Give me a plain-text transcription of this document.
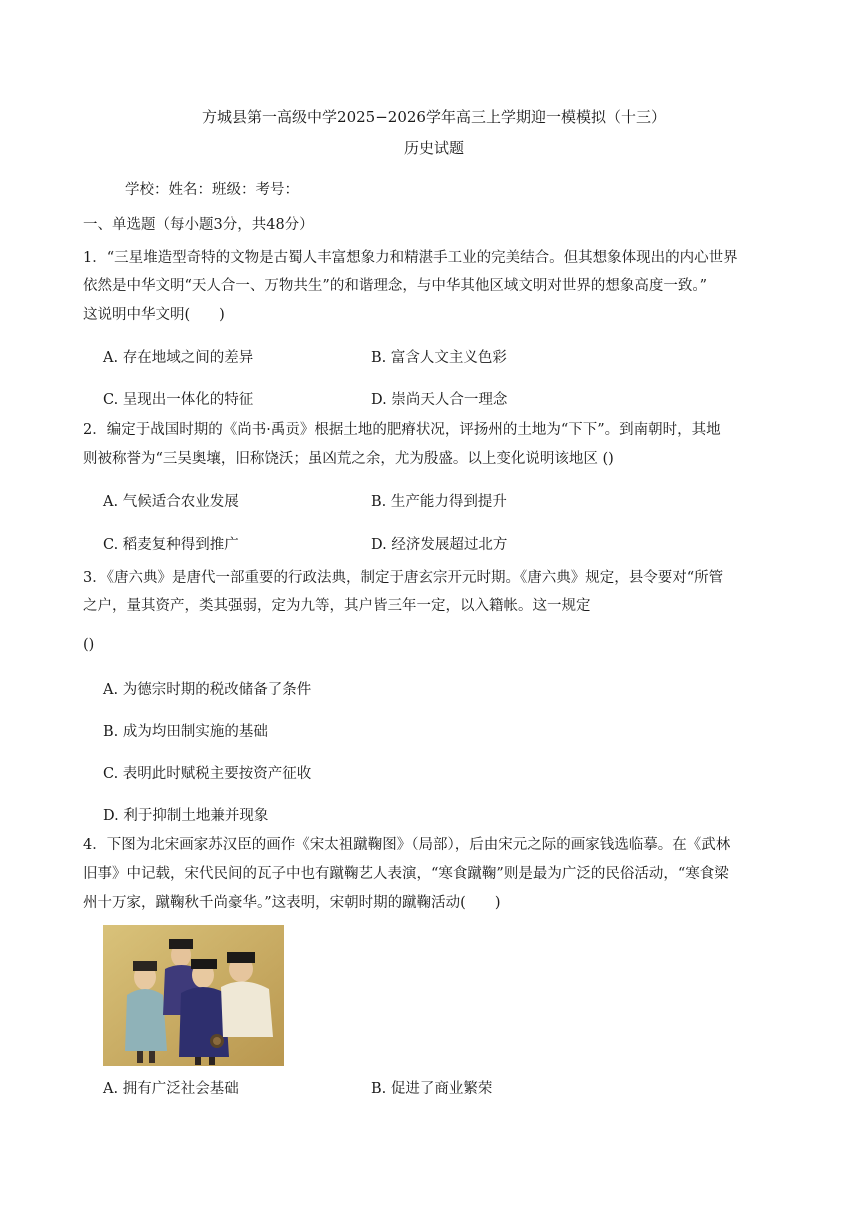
方城县第一高级中学2025−2026学年高三上学期迎一模模拟（十三）
历史试题
学校：姓名：班级：考号：
一、单选题（每小题3分，共48分）
1．“三星堆造型奇特的文物是古蜀人丰富想象力和精湛手工业的完美结合。但其想象体现出的内心世界
依然是中华文明“天人合一、万物共生”的和谐理念，与中华其他区域文明对世界的想象高度一致。”
这说明中华文明(　　)
A. 存在地域之间的差异	B. 富含人文主义色彩
C. 呈现出一体化的特征	D. 崇尚天人合一理念
2．编定于战国时期的《尚书·禹贡》根据土地的肥瘠状况，评扬州的土地为“下下”。到南朝时，其地
则被称誉为“三吴奥壤，旧称饶沃；虽凶荒之余，尤为殷盛。以上变化说明该地区 ()
A. 气候适合农业发展	B. 生产能力得到提升
C. 稻麦复种得到推广	D. 经济发展超过北方
3．《唐六典》是唐代一部重要的行政法典，制定于唐玄宗开元时期。《唐六典》规定，县令要对“所管
之户，量其资产，类其强弱，定为九等，其户皆三年一定，以入籍帐。这一规定
()
A. 为德宗时期的税改储备了条件
B. 成为均田制实施的基础
C. 表明此时赋税主要按资产征收
D. 利于抑制土地兼并现象
4．下图为北宋画家苏汉臣的画作《宋太祖蹴鞠图》（局部），后由宋元之际的画家钱选临摹。在《武林
旧事》中记载，宋代民间的瓦子中也有蹴鞠艺人表演，“寒食蹴鞠”则是最为广泛的民俗活动，“寒食梁
州十万家，蹴鞠秋千尚豪华。”这表明，宋朝时期的蹴鞠活动(　　)
A. 拥有广泛社会基础	B. 促进了商业繁荣
